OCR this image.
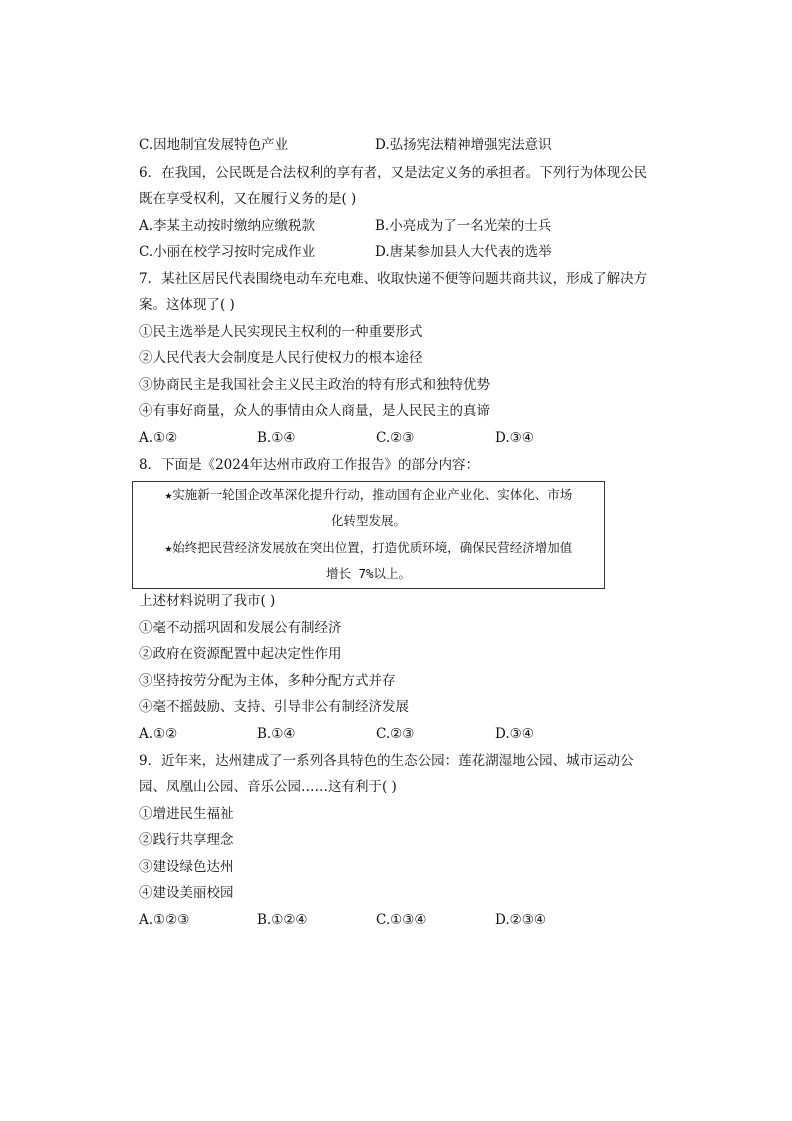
C.因地制宜发展特色产业	D.弘扬宪法精神增强宪法意识
6．在我国，公民既是合法权利的享有者，又是法定义务的承担者。下列行为体现公民
既在享受权利，又在履行义务的是( )
A.李某主动按时缴纳应缴税款	B.小亮成为了一名光荣的士兵
C.小丽在校学习按时完成作业	D.唐某参加县人大代表的选举
7．某社区居民代表围绕电动车充电难、收取快递不便等问题共商共议，形成了解决方
案。这体现了( )
①民主选举是人民实现民主权利的一种重要形式
②人民代表大会制度是人民行使权力的根本途径
③协商民主是我国社会主义民主政治的特有形式和独特优势
④有事好商量，众人的事情由众人商量，是人民民主的真谛
A.①②	B.①④	C.②③	D.③④
8．下面是《2024年达州市政府工作报告》的部分内容：
★实施新一轮国企改革深化提升行动，推动国有企业产业化、实体化、市场
化转型发展。
★始终把民营经济发展放在突出位置，打造优质环境，确保民营经济增加值
增长 7%以上。
上述材料说明了我市( )
①毫不动摇巩固和发展公有制经济
②政府在资源配置中起决定性作用
③坚持按劳分配为主体，多种分配方式并存
④毫不摇鼓励、支持、引导非公有制经济发展
A.①②	B.①④	C.②③	D.③④
9．近年来，达州建成了一系列各具特色的生态公园：莲花湖湿地公园、城市运动公
园、凤凰山公园、音乐公园……这有利于( )
①增进民生福祉
②践行共享理念
③建设绿色达州
④建设美丽校园
A.①②③	B.①②④	C.①③④	D.②③④
